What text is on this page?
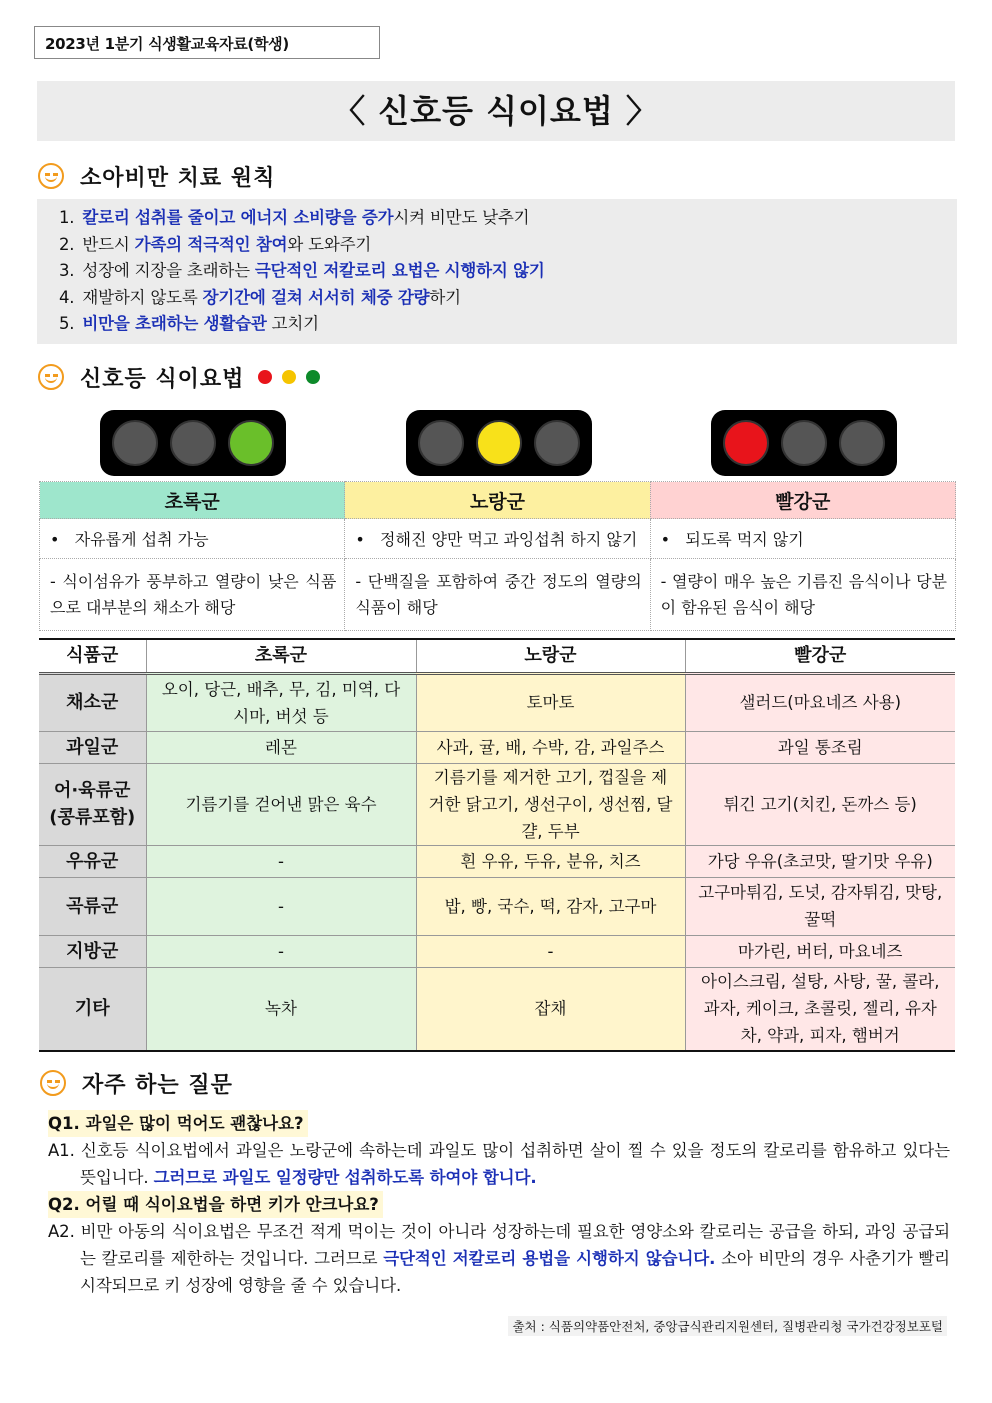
2023년 1분기 식생활교육자료(학생)
〈 신호등 식이요법 〉
소아비만 치료 원칙
1. 칼로리 섭취를 줄이고 에너지 소비량을 증가시켜 비만도 낮추기
2. 반드시 가족의 적극적인 참여와 도와주기
3. 성장에 지장을 초래하는 극단적인 저칼로리 요법은 시행하지 않기
4. 재발하지 않도록 장기간에 걸쳐 서서히 체중 감량하기
5. 비만을 초래하는 생활습관 고치기
신호등 식이요법
초록군	노랑군	빨강군
•   자유롭게 섭취 가능	•   정해진 양만 먹고 과잉섭취 하지 않기	•   되도록 먹지 않기
- 식이섬유가 풍부하고 열량이 낮은 식품으로 대부분의 채소가 해당	- 단백질을 포함하여 중간 정도의 열량의 식품이 해당	- 열량이 매우 높은 기름진 음식이나 당분이 함유된 음식이 해당
식품군	초록군	노랑군	빨강군
채소군	오이, 당근, 배추, 무, 김, 미역, 다시마, 버섯 등	토마토	샐러드(마요네즈 사용)
과일군	레몬	사과, 귤, 배, 수박, 감, 과일주스	과일 통조림
어·육류군 (콩류포함)	기름기를 걷어낸 맑은 육수	기름기를 제거한 고기, 껍질을 제거한 닭고기, 생선구이, 생선찜, 달걀, 두부	튀긴 고기(치킨, 돈까스 등)
우유군	-	흰 우유, 두유, 분유, 치즈	가당 우유(초코맛, 딸기맛 우유)
곡류군	-	밥, 빵, 국수, 떡, 감자, 고구마	고구마튀김, 도넛, 감자튀김, 맛탕, 꿀떡
지방군	-	-	마가린, 버터, 마요네즈
기타	녹차	잡채	아이스크림, 설탕, 사탕, 꿀, 콜라, 과자, 케이크, 초콜릿, 젤리, 유자차, 약과, 피자, 햄버거
자주 하는 질문
Q1. 과일은 많이 먹어도 괜찮나요?
A1. 신호등 식이요법에서 과일은 노랑군에 속하는데 과일도 많이 섭취하면 살이 찔 수 있을 정도의 칼로리를 함유하고 있다는 뜻입니다. 그러므로 과일도 일정량만 섭취하도록 하여야 합니다.
Q2. 어릴 때 식이요법을 하면 키가 안크나요?
A2. 비만 아동의 식이요법은 무조건 적게 먹이는 것이 아니라 성장하는데 필요한 영양소와 칼로리는 공급을 하되, 과잉 공급되는 칼로리를 제한하는 것입니다. 그러므로 극단적인 저칼로리 용법을 시행하지 않습니다. 소아 비만의 경우 사춘기가 빨리 시작되므로 키 성장에 영향을 줄 수 있습니다.
출처 : 식품의약품안전처, 중앙급식관리지원센터, 질병관리청 국가건강정보포털
